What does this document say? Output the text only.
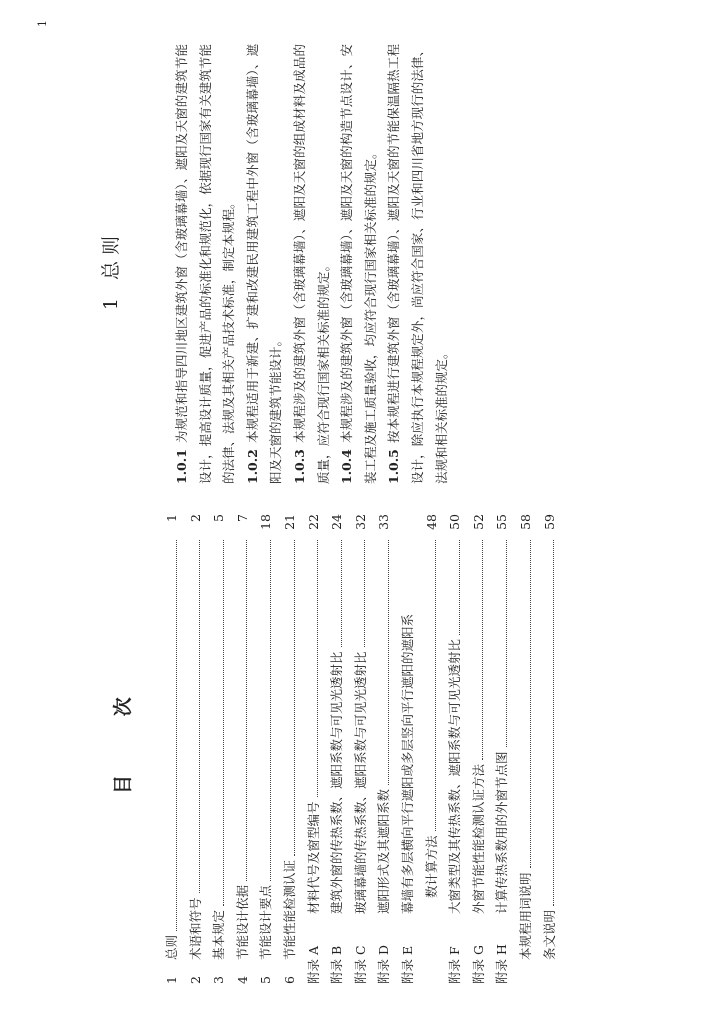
目 次
1
总则
1
2
术语和符号
2
3
基本规定
5
4
节能设计依据
7
5
节能设计要点
18
6
节能性能检测认证
21
附录 A
材料代号及窗型编号
22
附录 B
建筑外窗的传热系数、遮阳系数与可见光透射比
24
附录 C
玻璃幕墙的传热系数、遮阳系数与可见光透射比
32
附录 D
遮阳形式及其遮阳系数
33
附录 E
幕墙有多层横向平行遮阳或多层竖向平行遮阳的遮阳系 数计算方法
48
附录 F
大窗类型及其传热系数、遮阳系数与可见光透射比
50
附录 G
外窗节能性能检测认证方法
52
附录 H
计算传热系数用的外窗节点图
55
本规程用词说明
58
条文说明
59
1
1总 则

1.0.1为规范和指导四川地区建筑外窗（含玻璃幕墙）、遮阳及天窗的建筑节能设计，提高设计质量，促进产品的标准化和规范化，依据现行国家有关建筑节能的法律、法规及其相关产品技术标准，制定本规程。 1.0.2本规程适用于新建、扩建和改建民用建筑工程中外窗（含玻璃幕墙）、遮阳及天窗的建筑节能设计。 1.0.3本规程涉及的建筑外窗（含玻璃幕墙）、遮阳及天窗的组成材料及成品的质量，应符合现行国家相关标准的规定。 1.0.4本规程涉及的建筑外窗（含玻璃幕墙）、遮阳及天窗的构造节点设计、安装工程及施工质量验收，均应符合现行国家相关标准的规定。 1.0.5按本规程进行建筑外窗（含玻璃幕墙）、遮阳及天窗的节能保温隔热工程设计，除应执行本规程规定外，尚应符合国家、行业和四川省地方现行的法律、法规和相关标准的规定。
